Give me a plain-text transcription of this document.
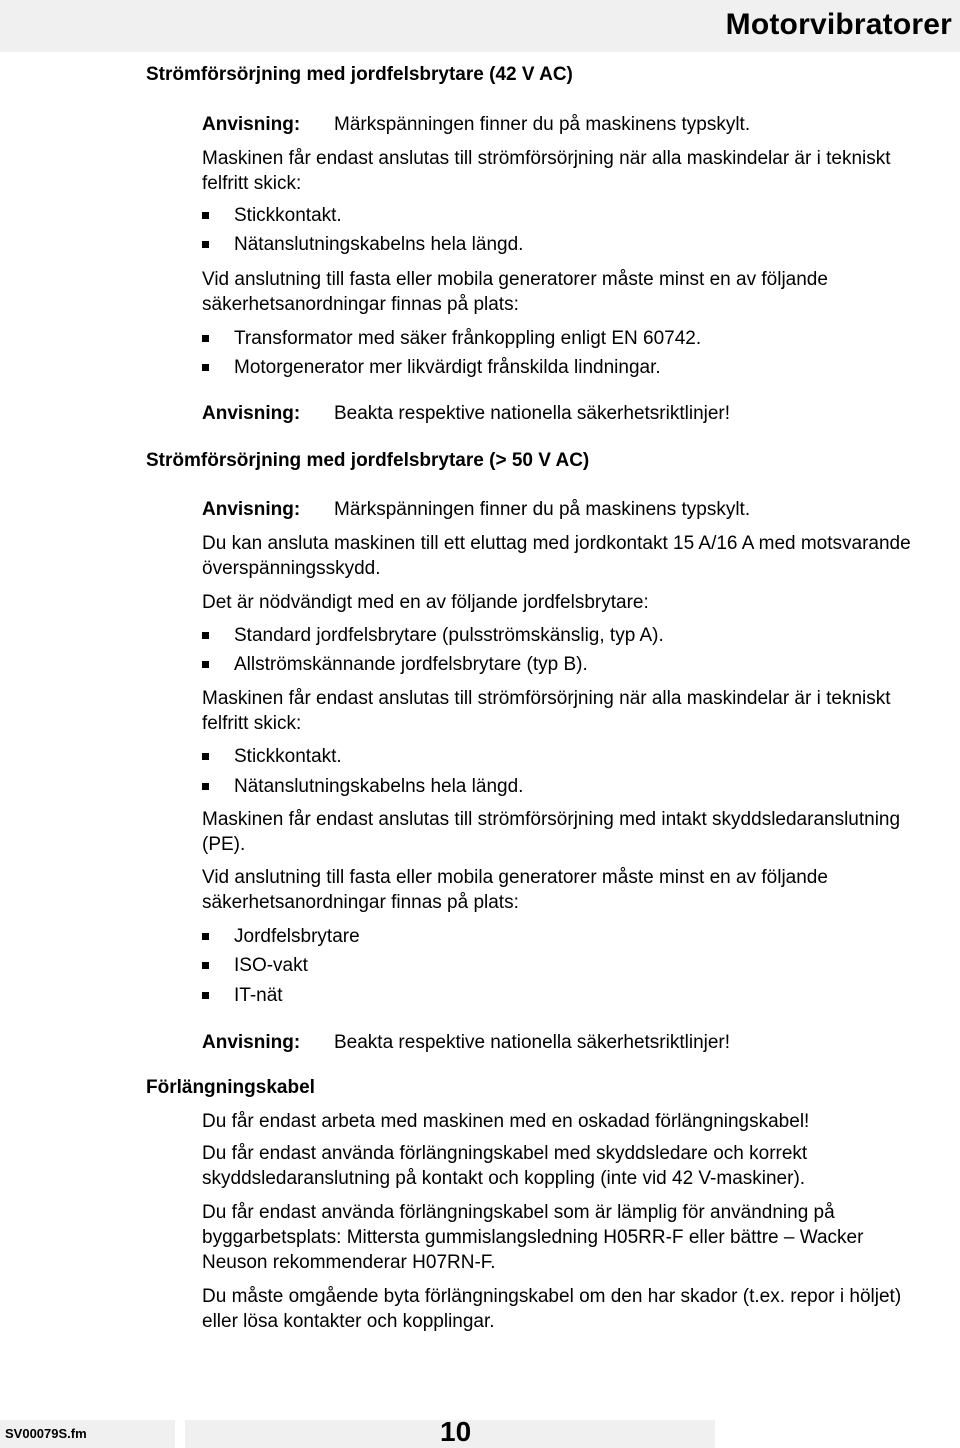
Motorvibratorer
Strömförsörjning med jordfelsbrytare (42 V AC)
Anvisning: Märkspänningen finner du på maskinens typskylt.
Maskinen får endast anslutas till strömförsörjning när alla maskindelar är i tekniskt felfritt skick:
Stickkontakt.
Nätanslutningskabelns hela längd.
Vid anslutning till fasta eller mobila generatorer måste minst en av följande säkerhetsanordningar finnas på plats:
Transformator med säker frånkoppling enligt EN 60742.
Motorgenerator mer likvärdigt frånskilda lindningar.
Anvisning: Beakta respektive nationella säkerhetsriktlinjer!
Strömförsörjning med jordfelsbrytare (> 50 V AC)
Anvisning: Märkspänningen finner du på maskinens typskylt.
Du kan ansluta maskinen till ett eluttag med jordkontakt 15 A/16 A med motsvarande överspänningsskydd.
Det är nödvändigt med en av följande jordfelsbrytare:
Standard jordfelsbrytare (pulsströmskänslig, typ A).
Allströmskännande jordfelsbrytare (typ B).
Maskinen får endast anslutas till strömförsörjning när alla maskindelar är i tekniskt felfritt skick:
Stickkontakt.
Nätanslutningskabelns hela längd.
Maskinen får endast anslutas till strömförsörjning med intakt skyddsledaranslutning (PE).
Vid anslutning till fasta eller mobila generatorer måste minst en av följande säkerhetsanordningar finnas på plats:
Jordfelsbrytare
ISO-vakt
IT-nät
Anvisning: Beakta respektive nationella säkerhetsriktlinjer!
Förlängningskabel
Du får endast arbeta med maskinen med en oskadad förlängningskabel!
Du får endast använda förlängningskabel med skyddsledare och korrekt skyddsledaranslutning på kontakt och koppling (inte vid 42 V-maskiner).
Du får endast använda förlängningskabel som är lämplig för användning på byggarbetsplats: Mittersta gummislangsledning H05RR-F eller bättre – Wacker Neuson rekommenderar H07RN-F.
Du måste omgående byta förlängningskabel om den har skador (t.ex. repor i höljet) eller lösa kontakter och kopplingar.
SV00079S.fm	10
